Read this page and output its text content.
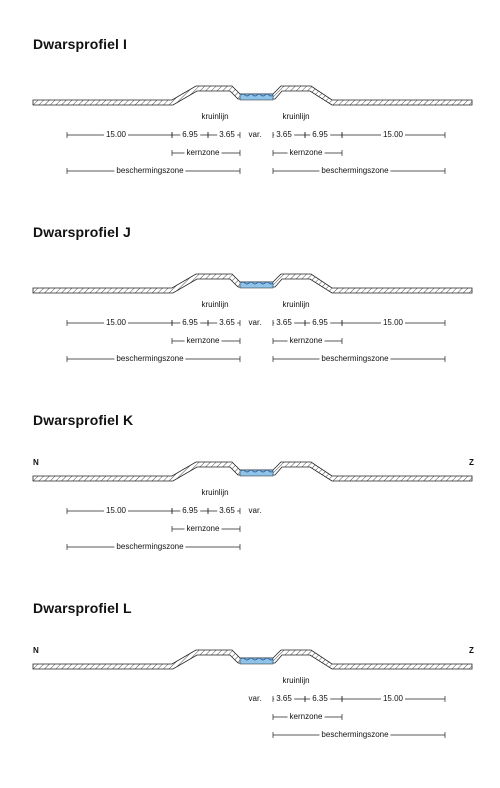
Dwarsprofiel I
kruinlijn	kruinlijn
15.00	6.95	3.65 var. 3.65	6.95	15.00
kernzone	kernzone
beschermingszone	beschermingszone
Dwarsprofiel J
kruinlijn	kruinlijn
15.00	6.95	3.65 var. 3.65	6.95	15.00
kernzone	kernzone
beschermingszone	beschermingszone
Dwarsprofiel K
N	Z
kruinlijn
15.00	6.95	3.65 var.
kernzone
beschermingszone
Dwarsprofiel L
N	Z
kruinlijn
var. 3.65	6.35	15.00
kernzone
beschermingszone
